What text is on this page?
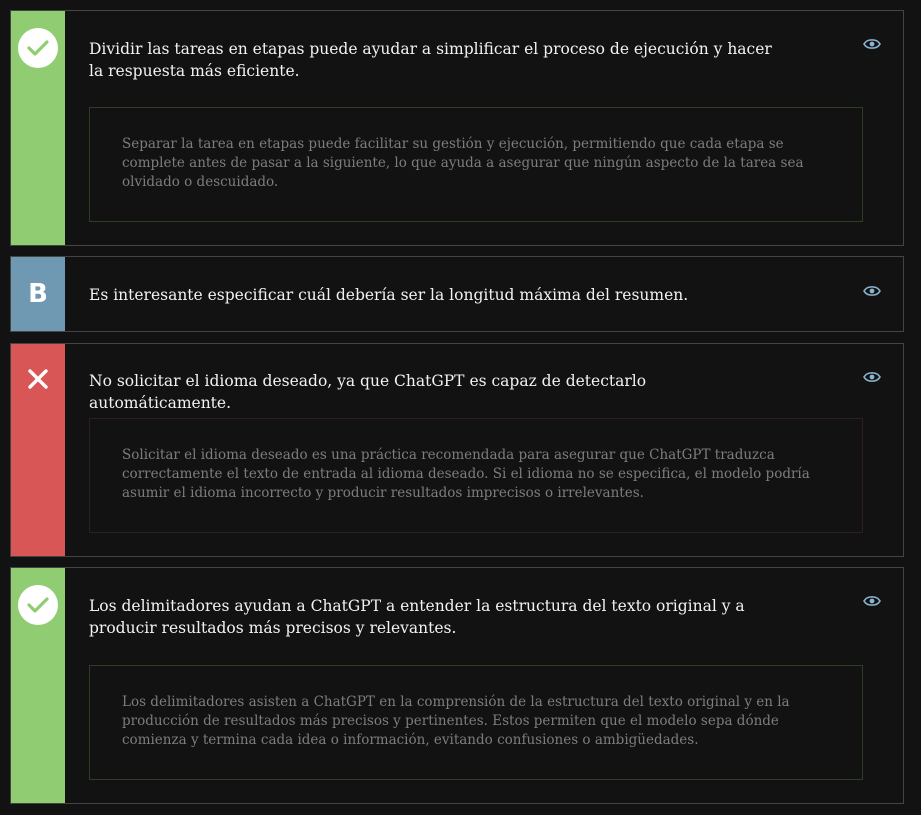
Dividir las tareas en etapas puede ayudar a simplificar el proceso de ejecución y hacer la respuesta más eficiente.
Separar la tarea en etapas puede facilitar su gestión y ejecución, permitiendo que cada etapa se complete antes de pasar a la siguiente, lo que ayuda a asegurar que ningún aspecto de la tarea sea olvidado o descuidado.
B	Es interesante especificar cuál debería ser la longitud máxima del resumen.
No solicitar el idioma deseado, ya que ChatGPT es capaz de detectarlo automáticamente.
Solicitar el idioma deseado es una práctica recomendada para asegurar que ChatGPT traduzca correctamente el texto de entrada al idioma deseado. Si el idioma no se especifica, el modelo podría asumir el idioma incorrecto y producir resultados imprecisos o irrelevantes.
Los delimitadores ayudan a ChatGPT a entender la estructura del texto original y a producir resultados más precisos y relevantes.
Los delimitadores asisten a ChatGPT en la comprensión de la estructura del texto original y en la producción de resultados más precisos y pertinentes. Estos permiten que el modelo sepa dónde comienza y termina cada idea o información, evitando confusiones o ambigüedades.
